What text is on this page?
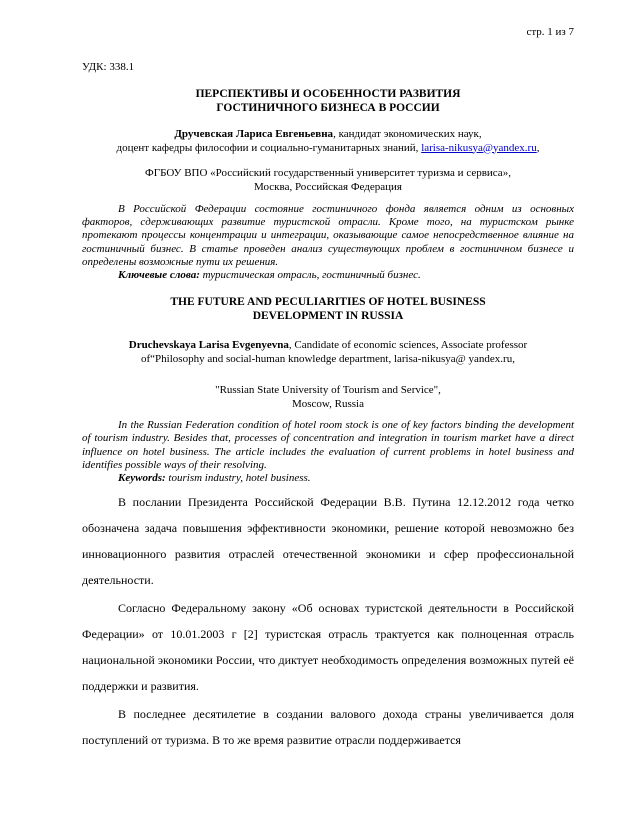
стр. 1 из 7
УДК: 338.1
ПЕРСПЕКТИВЫ И ОСОБЕННОСТИ РАЗВИТИЯ
ГОСТИНИЧНОГО БИЗНЕСА В РОССИИ
Дручевская Лариса Евгеньевна, кандидат экономических наук,
доцент кафедры философии и социально-гуманитарных знаний, larisa-nikusya@yandex.ru,
ФГБОУ ВПО «Российский государственный университет туризма и сервиса»,
Москва, Российская Федерация

В Российской Федерации состояние гостиничного фонда является одним из основных факторов, сдерживающих развитие туристской отрасли. Кроме того, на туристском рынке протекают процессы концентрации и интеграции, оказывающие самое непосредственное влияние на гостиничный бизнес. В статье проведен анализ существующих проблем в гостиничном бизнесе и определены возможные пути их решения.

Ключевые слова: туристическая отрасль, гостиничный бизнес.

THE FUTURE AND PECULIARITIES OF HOTEL BUSINESS
DEVELOPMENT IN RUSSIA
Druchevskaya Larisa Evgenyevna, Candidate of economic sciences, Associate professor
of“Philosophy and social-human knowledge department, larisa-nikusya@ yandex.ru,
"Russian State University of Tourism and Service",
Moscow, Russia

In the Russian Federation condition of hotel room stock is one of key factors binding the development of tourism industry. Besides that, processes of concentration and integration in tourism market have a direct influence on hotel business. The article includes the evaluation of current problems in hotel business and identifies possible ways of their resolving.

Keywords: tourism industry, hotel business.

В послании Президента Российской Федерации В.В. Путина 12.12.2012 года четко обозначена задача повышения эффективности экономики, решение которой невозможно без инновационного развития отраслей отечественной экономики и сфер профессиональной деятельности.

Согласно Федеральному закону «Об основах туристской деятельности в Российской Федерации» от 10.01.2003 г [2] туристская отрасль трактуется как полноценная отрасль национальной экономики России, что диктует необходимость определения возможных путей её поддержки и развития.

В последнее десятилетие в создании валового дохода страны увеличивается доля поступлений от туризма. В то же время развитие отрасли поддерживается
